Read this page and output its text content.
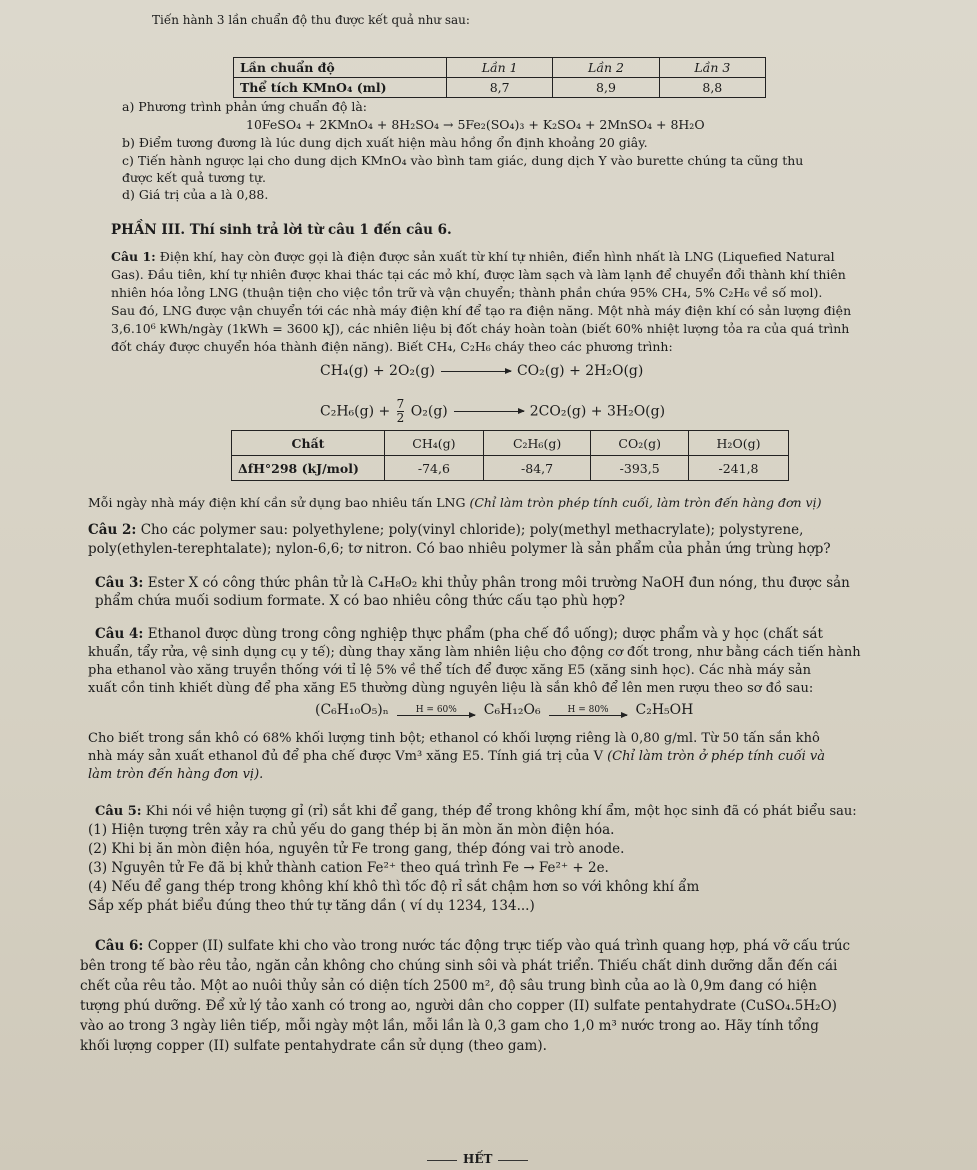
Tiến hành 3 lần chuẩn độ thu được kết quả như sau:
Lần chuẩn độ	Lần 1	Lần 2	Lần 3
Thể tích KMnO₄ (ml)	8,7	8,9	8,8
a) Phương trình phản ứng chuẩn độ là:
10FeSO₄ + 2KMnO₄ + 8H₂SO₄ → 5Fe₂(SO₄)₃ + K₂SO₄ + 2MnSO₄ + 8H₂O
b) Điểm tương đương là lúc dung dịch xuất hiện màu hồng ổn định khoảng 20 giây.
c) Tiến hành ngược lại cho dung dịch KMnO₄ vào bình tam giác, dung dịch Y vào burette chúng ta cũng thu
được kết quả tương tự.
d) Giá trị của a là 0,88.
PHẦN III. Thí sinh trả lời từ câu 1 đến câu 6.
Câu 1: Điện khí, hay còn được gọi là điện được sản xuất từ khí tự nhiên, điển hình nhất là LNG (Liquefied Natural
Gas). Đầu tiên, khí tự nhiên được khai thác tại các mỏ khí, được làm sạch và làm lạnh để chuyển đổi thành khí thiên
nhiên hóa lỏng LNG (thuận tiện cho việc tồn trữ và vận chuyển; thành phần chứa 95% CH₄, 5% C₂H₆ về số mol).
Sau đó, LNG được vận chuyển tới các nhà máy điện khí để tạo ra điện năng. Một nhà máy điện khí có sản lượng điện
3,6.10⁶ kWh/ngày (1kWh = 3600 kJ), các nhiên liệu bị đốt cháy hoàn toàn (biết 60% nhiệt lượng tỏa ra của quá trình
đốt cháy được chuyển hóa thành điện năng). Biết CH₄, C₂H₆ cháy theo các phương trình:
CH₄(g) + 2O₂(g)	CO₂(g) + 2H₂O(g)
$C_2H_6(g) + \frac{7}{2} O_2(g)$	2CO₂(g) + 3H₂O(g)
Chất	CH₄(g)	C₂H₆(g)	CO₂(g)	H₂O(g)
ΔfH°298 (kJ/mol)	-74,6	-84,7	-393,5	-241,8
Mỗi ngày nhà máy điện khí cần sử dụng bao nhiêu tấn LNG (Chỉ làm tròn phép tính cuối, làm tròn đến hàng đơn vị)
Câu 2: Cho các polymer sau: polyethylene; poly(vinyl chloride); poly(methyl methacrylate); polystyrene,
poly(ethylen-terephtalate); nylon-6,6; tơ nitron. Có bao nhiêu polymer là sản phẩm của phản ứng trùng hợp?
Câu 3: Ester X có công thức phân tử là C₄H₈O₂ khi thủy phân trong môi trường NaOH đun nóng, thu được sản
phẩm chứa muối sodium formate. X có bao nhiêu công thức cấu tạo phù hợp?
Câu 4: Ethanol được dùng trong công nghiệp thực phẩm (pha chế đồ uống); dược phẩm và y học (chất sát
khuẩn, tẩy rửa, vệ sinh dụng cụ y tế); dùng thay xăng làm nhiên liệu cho động cơ đốt trong, như bằng cách tiến hành
pha ethanol vào xăng truyền thống với tỉ lệ 5% về thể tích để được xăng E5 (xăng sinh học). Các nhà máy sản
xuất cồn tinh khiết dùng để pha xăng E5 thường dùng nguyên liệu là sắn khô để lên men rượu theo sơ đồ sau:
(C₆H₁₀O₅)ₙ	H = 60% C₆H₁₂O₆	H = 80% C₂H₅OH
Cho biết trong sắn khô có 68% khối lượng tinh bột; ethanol có khối lượng riêng là 0,80 g/ml. Từ 50 tấn sắn khô
nhà máy sản xuất ethanol đủ để pha chế được Vm³ xăng E5. Tính giá trị của V (Chỉ làm tròn ở phép tính cuối và
làm tròn đến hàng đơn vị).
Câu 5: Khi nói về hiện tượng gỉ (rỉ) sắt khi để gang, thép để trong không khí ẩm, một học sinh đã có phát biểu sau:
(1) Hiện tượng trên xảy ra chủ yếu do gang thép bị ăn mòn ăn mòn điện hóa.
(2) Khi bị ăn mòn điện hóa, nguyên tử Fe trong gang, thép đóng vai trò anode.
(3) Nguyên tử Fe đã bị khử thành cation Fe²⁺ theo quá trình Fe → Fe²⁺ + 2e.
(4) Nếu để gang thép trong không khí khô thì tốc độ rỉ sắt chậm hơn so với không khí ẩm
Sắp xếp phát biểu đúng theo thứ tự tăng dần ( ví dụ 1234, 134...)
Câu 6: Copper (II) sulfate khi cho vào trong nước tác động trực tiếp vào quá trình quang hợp, phá vỡ cấu trúc
bên trong tế bào rêu tảo, ngăn cản không cho chúng sinh sôi và phát triển. Thiếu chất dinh dưỡng dẫn đến cái
chết của rêu tảo. Một ao nuôi thủy sản có diện tích 2500 m², độ sâu trung bình của ao là 0,9m đang có hiện
tượng phú dưỡng. Để xử lý tảo xanh có trong ao, người dân cho copper (II) sulfate pentahydrate (CuSO₄.5H₂O)
vào ao trong 3 ngày liên tiếp, mỗi ngày một lần, mỗi lần là 0,3 gam cho 1,0 m³ nước trong ao. Hãy tính tổng
khối lượng copper (II) sulfate pentahydrate cần sử dụng (theo gam).
HẾT
